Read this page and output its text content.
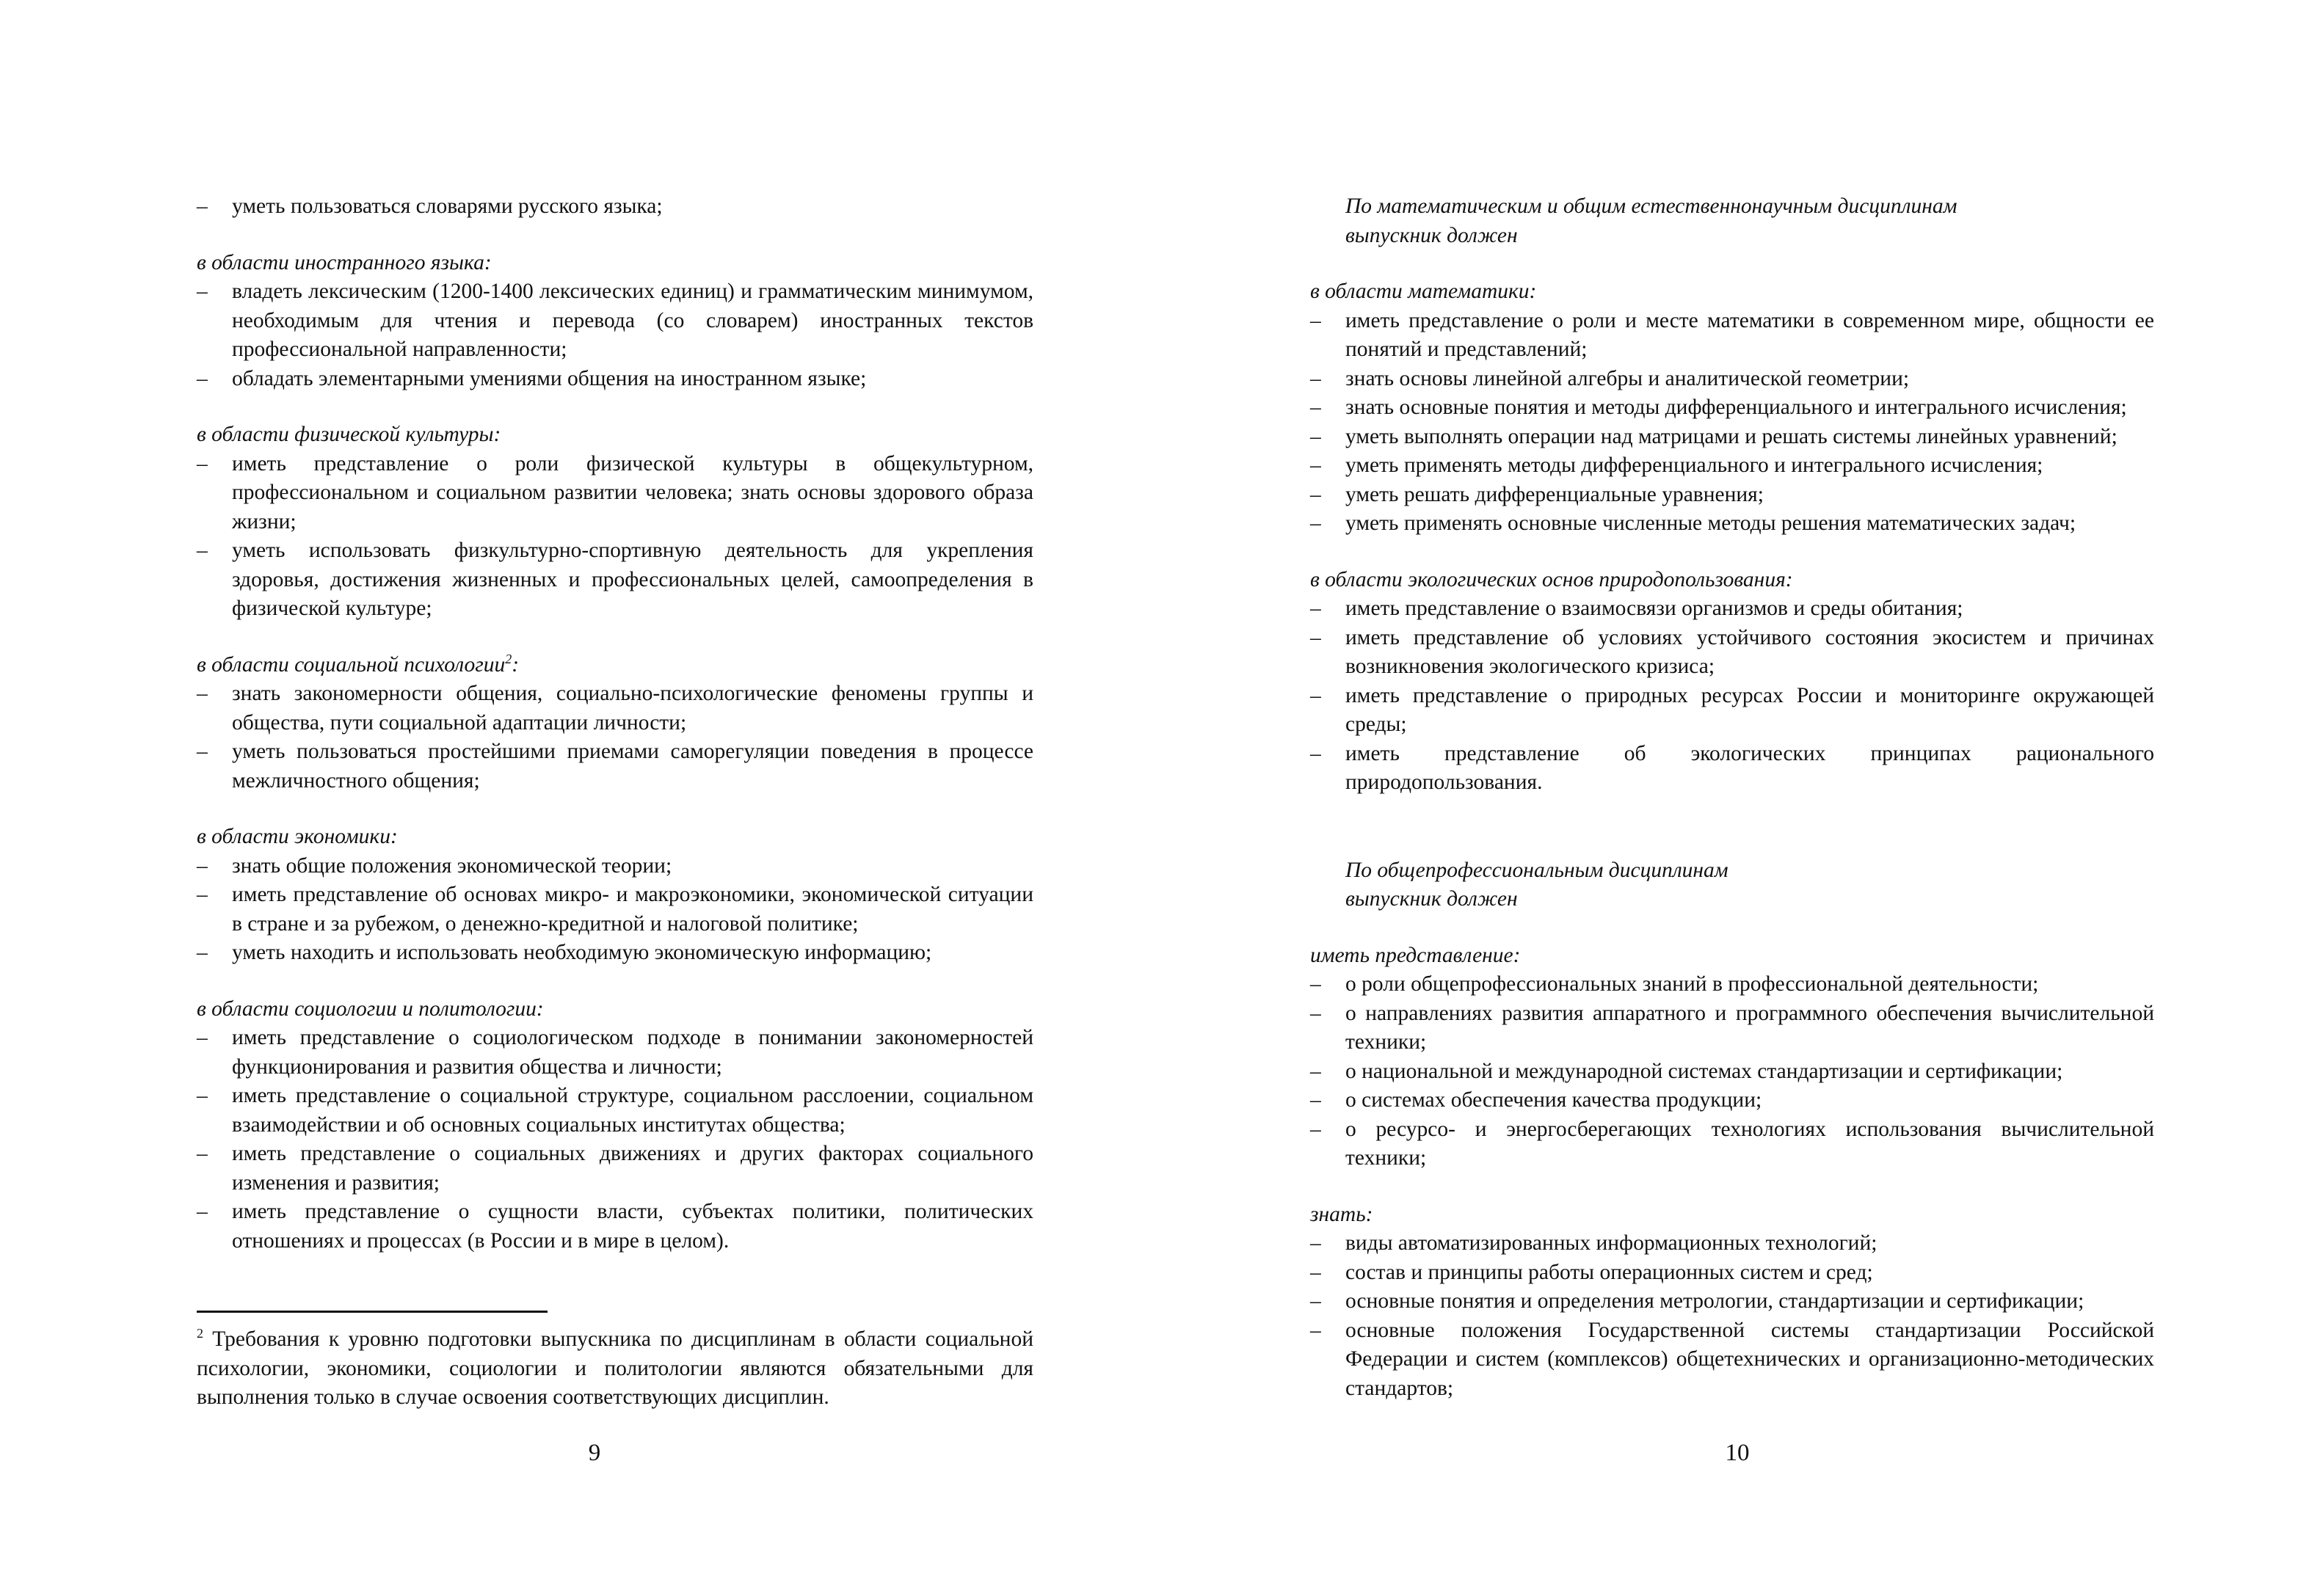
–	уметь пользоваться словарями русского языка;
в области иностранного языка:
–	владеть лексическим (1200-1400 лексических единиц) и грамматическим минимумом, необходимым для чтения и перевода (со словарем) иностранных текстов профессиональной направленности;
–	обладать элементарными умениями общения на иностранном языке;
в области физической культуры:
–	иметь представление о роли физической культуры в общекультурном, профессиональном и социальном развитии человека; знать основы здорового образа жизни;
–	уметь использовать физкультурно-спортивную деятельность для укрепления здоровья, достижения жизненных и профессиональных целей, самоопределения в физической культуре;
в области социальной психологии$^2$:
–	знать закономерности общения, социально-психологические феномены группы и общества, пути социальной адаптации личности;
–	уметь пользоваться простейшими приемами саморегуляции поведения в процессе межличностного общения;
в области экономики:
–	знать общие положения экономической теории;
–	иметь представление об основах микро- и макроэкономики, экономической ситуации в стране и за рубежом, о денежно-кредитной и налоговой политике;
–	уметь находить и использовать необходимую экономическую информацию;
в области социологии и политологии:
–	иметь представление о социологическом подходе в понимании закономерностей функционирования и развития общества и личности;
–	иметь представление о социальной структуре, социальном расслоении, социальном взаимодействии и об основных социальных институтах общества;
–	иметь представление о социальных движениях и других факторах социального изменения и развития;
–	иметь представление о сущности власти, субъектах политики, политических отношениях и процессах (в России и в мире в целом).
$^2$ Требования к уровню подготовки выпускника по дисциплинам в области социальной психологии, экономики, социологии и политологии являются обязательными для выполнения только в случае освоения соответствующих дисциплин.
9
По математическим и общим естественнонаучным дисциплинам
выпускник должен
в области математики:
–	иметь представление о роли и месте математики в современном мире, общности ее понятий и представлений;
–	знать основы линейной алгебры и аналитической геометрии;
–	знать основные понятия и методы дифференциального и интегрального исчисления;
–	уметь выполнять операции над матрицами и решать системы линейных уравнений;
–	уметь применять методы дифференциального и интегрального исчисления;
–	уметь решать дифференциальные уравнения;
–	уметь применять основные численные методы решения математических задач;
в области экологических основ природопользования:
–	иметь представление о взаимосвязи организмов и среды обитания;
–	иметь представление об условиях устойчивого состояния экосистем и причинах возникновения экологического кризиса;
–	иметь представление о природных ресурсах России и мониторинге окружающей среды;
–	иметь представление об экологических принципах рационального природопользования.
По общепрофессиональным дисциплинам
выпускник должен
иметь представление:
–	о роли общепрофессиональных знаний в профессиональной деятельности;
–	о направлениях развития аппаратного и программного обеспечения вычислительной техники;
–	о национальной и международной системах стандартизации и сертификации;
–	о системах обеспечения качества продукции;
–	о ресурсо- и энергосберегающих технологиях использования вычислительной техники;
знать:
–	виды автоматизированных информационных технологий;
–	состав и принципы работы операционных систем и сред;
–	основные понятия и определения метрологии, стандартизации и сертификации;
–	основные положения Государственной системы стандартизации Российской Федерации и систем (комплексов) общетехнических и организационно-методических стандартов;
10
